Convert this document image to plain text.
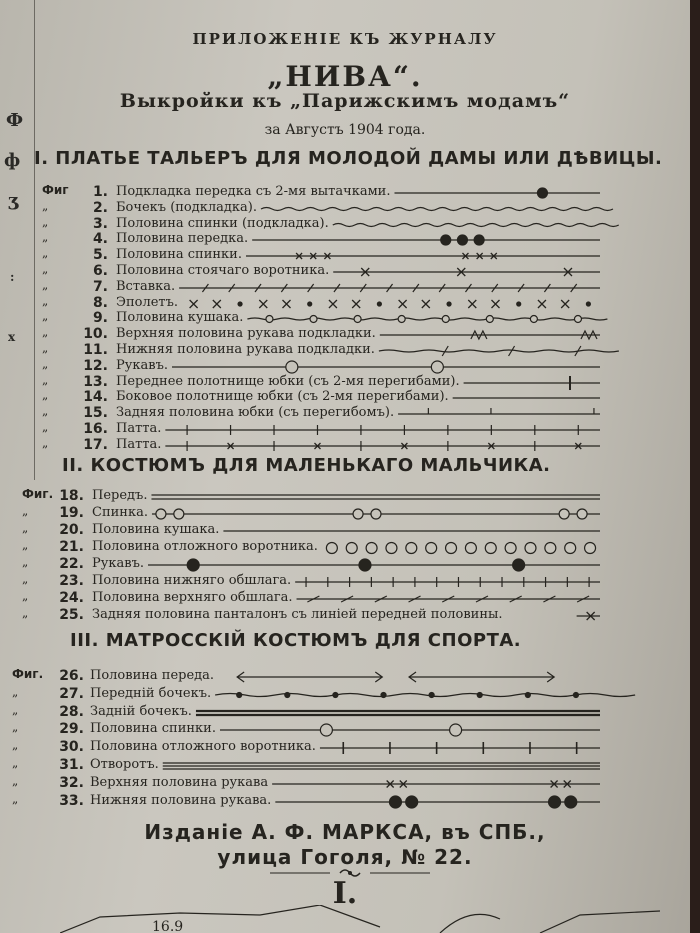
Ф
ф
ʒ
:
x
ПРИЛОЖЕНIЕ КЪ ЖУРНАЛУ
„НИВА“.
Выкройки къ „Парижскимъ модамъ“
за Августъ 1904 года.
I. ПЛАТЬЕ ТАЛЬЕРЪ ДЛЯ МОЛОДОЙ ДАМЫ ИЛИ ДѢВИЦЫ.
Фиг	1. Подкладка передка съ 2-мя вытачками.
„	2. Бочекъ (подкладка).
„	3. Половина спинки (подкладка).
„	4. Половина передка.
„	5. Половина спинки.
„	6. Половина стоячаго воротника.
„	7. Вставка.
„	8. Эполетъ.
„	9. Половина кушака.
„	10. Верхняя половина рукава подкладки.
„	11. Нижняя половина рукава подкладки.
„	12. Рукавъ.
„	13. Переднее полотнище юбки (съ 2-мя перегибами).
„	14. Боковое полотнище юбки (съ 2-мя перегибами).
„	15. Задняя половина юбки (съ перегибомъ).
„	16. Патта.
„	17. Патта.
II. КОСТЮМЪ ДЛЯ МАЛЕНЬКАГО МАЛЬЧИКА.
Фиг. 18. Передъ.
„	19. Спинка.
„	20. Половина кушака.
„	21. Половина отложного воротника.
„	22. Рукавъ.
„	23. Половина нижняго обшлага.
„	24. Половина верхняго обшлага.
„	25. Задняя половина панталонъ съ линiей передней половины.
III. МАТРОССКIЙ КОСТЮМЪ ДЛЯ СПОРТА.
Фиг.	26. Половина переда.
„	27. Переднiй бочекъ.
„	28. Заднiй бочекъ.
„	29. Половина спинки.
„	30. Половина отложного воротника.
„	31. Отворотъ.
„	32. Верхняя половина рукава
„	33. Нижняя половина рукава.
Изданiе А. Ф. МАРКСА, въ СПБ.,
улица Гоголя, № 22.
I.
16.9
